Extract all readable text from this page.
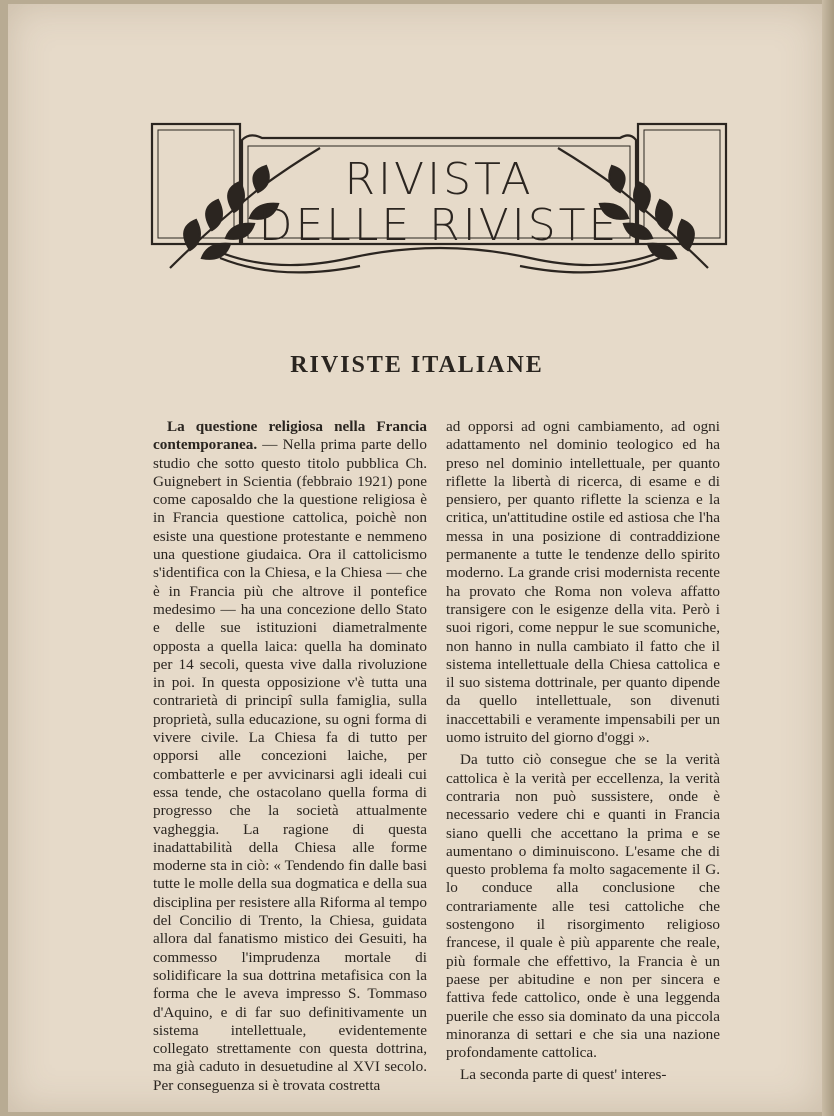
RIVISTA
DELLE RIVISTE
RIVISTE ITALIANE

La questione religiosa nella Francia contemporanea. — Nella prima parte dello studio che sotto questo titolo pubblica Ch. Guignebert in Scientia (febbraio 1921) pone come caposaldo che la questione religiosa è in Francia questione cattolica, poichè non esiste una questione protestante e nemmeno una questione giudaica. Ora il cattolicismo s'identifica con la Chiesa, e la Chiesa — che è in Francia più che altrove il pontefice medesimo — ha una concezione dello Stato e delle sue istituzioni diametralmente opposta a quella laica: quella ha dominato per 14 secoli, questa vive dalla rivoluzione in poi. In questa opposizione v'è tutta una contrarietà di principî sulla famiglia, sulla proprietà, sulla educazione, su ogni forma di vivere civile. La Chiesa fa di tutto per opporsi alle concezioni laiche, per combatterle e per avvicinarsi agli ideali cui essa tende, che ostacolano quella forma di progresso che la società attualmente vagheggia. La ragione di questa inadattabilità della Chiesa alle forme moderne sta in ciò: « Tendendo fin dalle basi tutte le molle della sua dogmatica e della sua disciplina per resistere alla Riforma al tempo del Concilio di Trento, la Chiesa, guidata allora dal fanatismo mistico dei Gesuiti, ha commesso l'imprudenza mortale di solidificare la sua dottrina metafisica con la forma che le aveva impresso S. Tommaso d'Aquino, e di far suo definitivamente un sistema intellettuale, evidentemente collegato strettamente con questa dottrina, ma già caduto in desuetudine al XVI secolo. Per conseguenza si è trovata costretta

ad opporsi ad ogni cambiamento, ad ogni adattamento nel dominio teologico ed ha preso nel dominio intellettuale, per quanto riflette la libertà di ricerca, di esame e di pensiero, per quanto riflette la scienza e la critica, un'attitudine ostile ed astiosa che l'ha messa in una posizione di contraddizione permanente a tutte le tendenze dello spirito moderno. La grande crisi modernista recente ha provato che Roma non voleva affatto transigere con le esigenze della vita. Però i suoi rigori, come neppur le sue scomuniche, non hanno in nulla cambiato il fatto che il sistema intellettuale della Chiesa cattolica e il suo sistema dottrinale, per quanto dipende da quello intellettuale, son divenuti inaccettabili e veramente impensabili per un uomo istruito del giorno d'oggi ».

Da tutto ciò consegue che se la verità cattolica è la verità per eccellenza, la verità contraria non può sussistere, onde è necessario vedere chi e quanti in Francia siano quelli che accettano la prima e se aumentano o diminuiscono. L'esame che di questo problema fa molto sagacemente il G. lo conduce alla conclusione che contrariamente alle tesi cattoliche che sostengono il risorgimento religioso francese, il quale è più apparente che reale, più formale che effettivo, la Francia è un paese per abitudine e non per sincera e fattiva fede cattolico, onde è una leggenda puerile che esso sia dominato da una piccola minoranza di settari e che sia una nazione profondamente cattolica.

La seconda parte di quest' interes-
